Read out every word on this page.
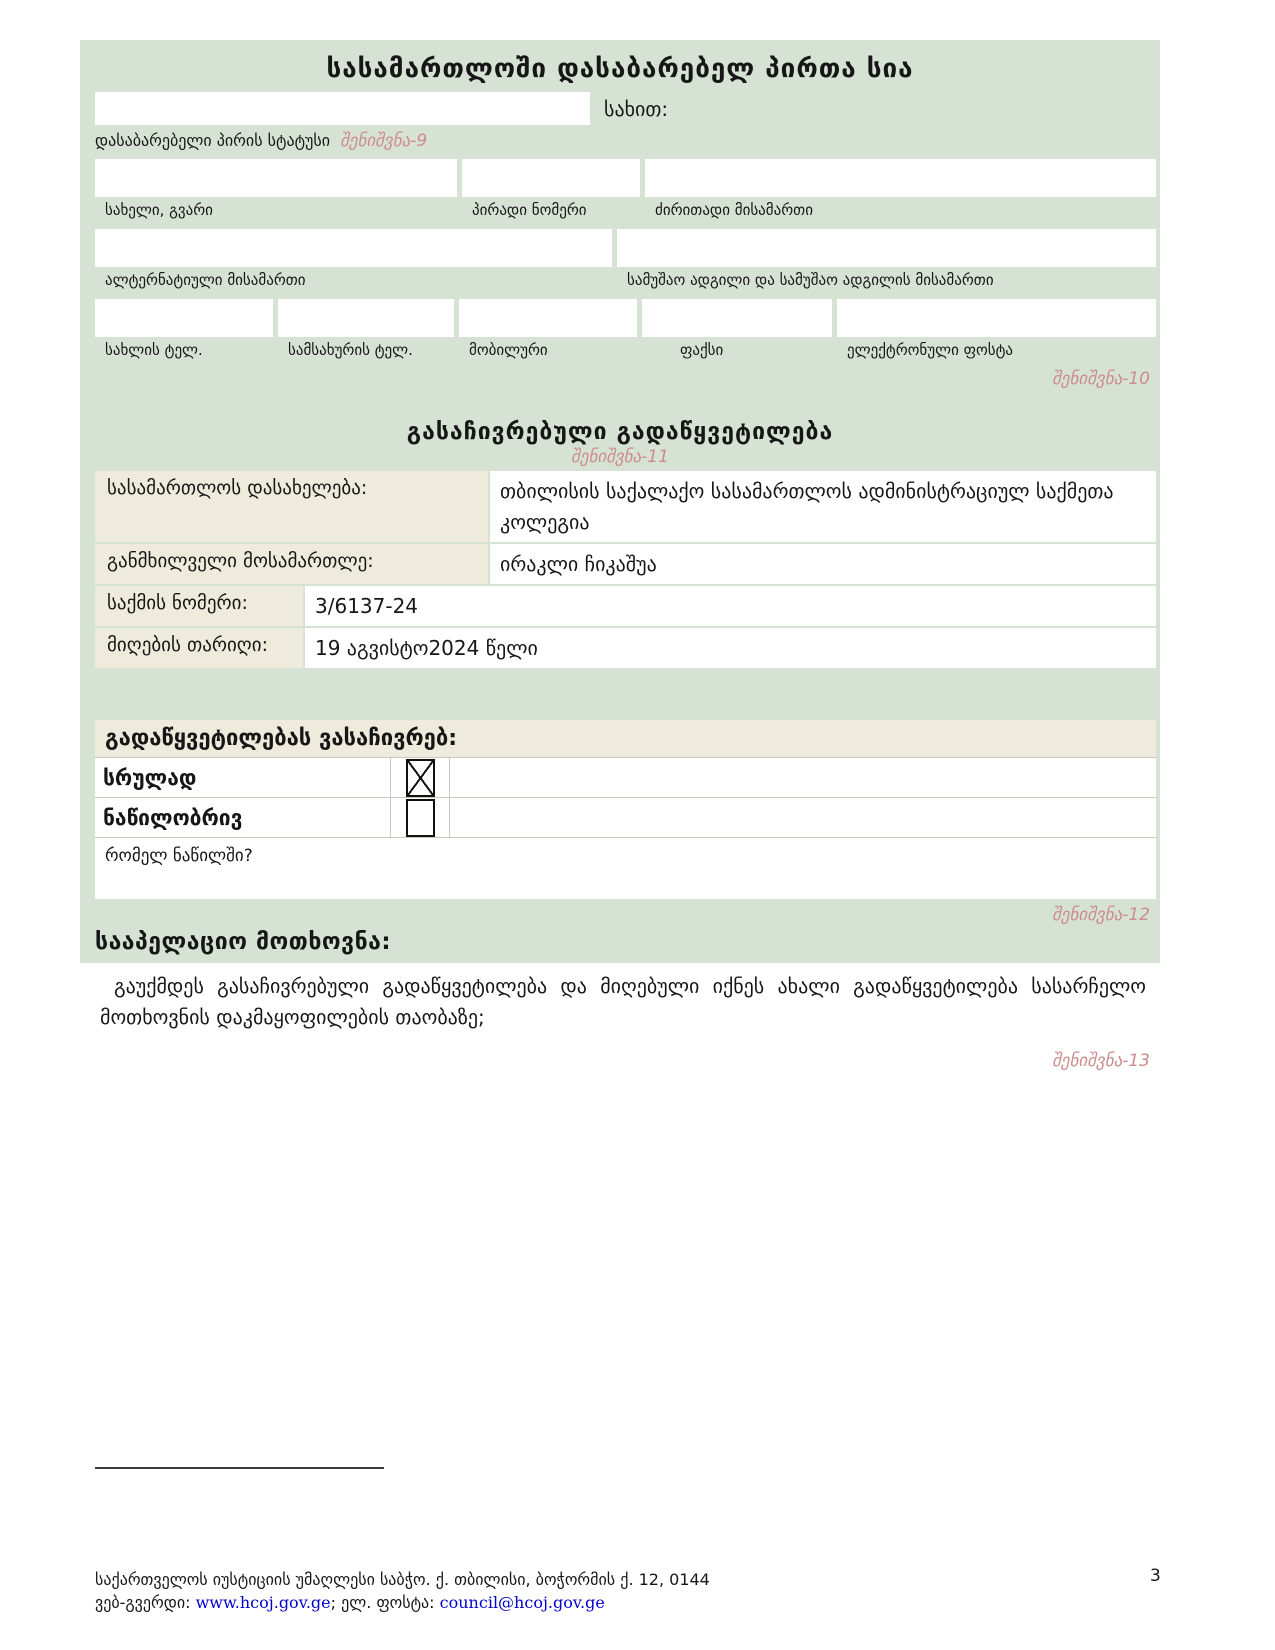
სასამართლოში დასაბარებელ პირთა სია
სახით:
დასაბარებელი პირის სტატუსი შენიშვნა-9
სახელი, გვარი	პირადი ნომერი	ძირითადი მისამართი
ალტერნატიული მისამართი	სამუშაო ადგილი და სამუშაო ადგილის მისამართი
სახლის ტელ.	სამსახურის ტელ.	მობილური	ფაქსი	ელექტრონული ფოსტა
შენიშვნა-10
გასაჩივრებული გადაწყვეტილება
შენიშვნა-11
სასამართლოს დასახელება:	თბილისის საქალაქო სასამართლოს ადმინისტრაციულ საქმეთა კოლეგია
განმხილველი მოსამართლე:	ირაკლი ჩიკაშუა
საქმის ნომერი:	3/6137-24
მიღების თარიღი:	19 აგვისტო2024 წელი
გადაწყვეტილებას ვასაჩივრებ:
სრულად
ნაწილობრივ
რომელ ნაწილში?
შენიშვნა-12
სააპელაციო მოთხოვნა:
გაუქმდეს გასაჩივრებული გადაწყვეტილება და მიღებული იქნეს ახალი გადაწყვეტილება სასარჩელო მოთხოვნის დაკმაყოფილების თაობაზე;
შენიშვნა-13
საქართველოს იუსტიციის უმაღლესი საბჭო. ქ. თბილისი, ბოჭორმის ქ. 12, 0144
ვებ-გვერდი: www.hcoj.gov.ge; ელ. ფოსტა: council@hcoj.gov.ge
3
